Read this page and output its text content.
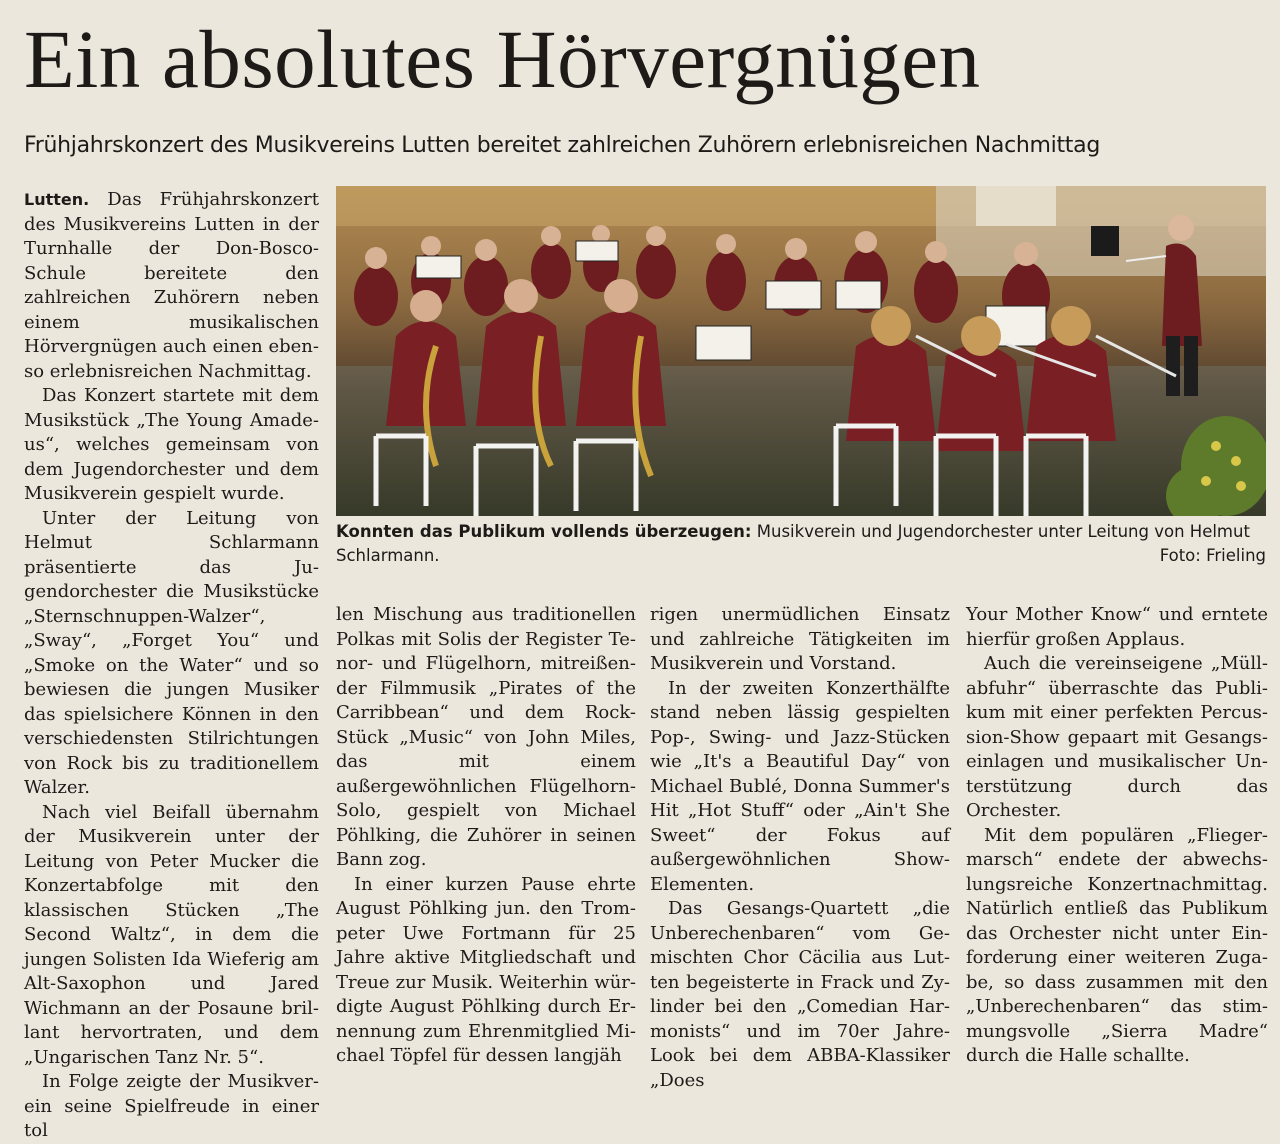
Ein absolutes Hörvergnügen
Frühjahrskonzert des Musikvereins Lutten bereitet zahlreichen Zuhörern erlebnisreichen Nachmittag

Lutten. Das Frühjahrskonzert des Musikvereins Lutten in der Turnhalle der Don-Bosco-Schule bereitete den zahlreichen Zuhörern neben einem musikalischen Hörvergnügen auch einen ebenso erlebnisreichen Nachmittag.

Das Konzert startete mit dem Musikstück „The Young Amadeus“, welches gemeinsam von dem Jugendorchester und dem Musikverein gespielt wurde.

Unter der Leitung von Helmut Schlarmann präsentierte das Jugendorchester die Musikstücke „Sternschnuppen-Walzer“, „Sway“, „Forget You“ und „Smoke on the Water“ und so bewiesen die jungen Musiker das spielsichere Können in den verschiedensten Stilrichtungen von Rock bis zu traditionellem Walzer.

Nach viel Beifall übernahm der Musikverein unter der Leitung von Peter Mucker die Konzertabfolge mit den klassischen Stücken „The Second Waltz“, in dem die jungen Solisten Ida Wieferig am Alt-Saxophon und Jared Wichmann an der Posaune brillant hervortraten, und dem „Ungarischen Tanz Nr. 5“.

In Folge zeigte der Musikverein seine Spielfreude in einer tol

Konnten das Publikum vollends überzeugen: Musikverein und Jugendorchester unter Leitung von Helmut Schlarmann.	Foto: Frieling

len Mischung aus traditionellen Polkas mit Solis der Register Tenor- und Flügelhorn, mitreißender Filmmusik „Pirates of the Carribbean“ und dem Rock-Stück „Music“ von John Miles, das mit einem außergewöhnlichen Flügelhorn-Solo, gespielt von Michael Pöhlking, die Zuhörer in seinen Bann zog.

In einer kurzen Pause ehrte August Pöhlking jun. den Trompeter Uwe Fortmann für 25 Jahre aktive Mitgliedschaft und Treue zur Musik. Weiterhin würdigte August Pöhlking durch Ernennung zum Ehrenmitglied Michael Töpfel für dessen langjäh

rigen unermüdlichen Einsatz und zahlreiche Tätigkeiten im Musikverein und Vorstand.

In der zweiten Konzerthälfte stand neben lässig gespielten Pop-, Swing- und Jazz-Stücken wie „It's a Beautiful Day“ von Michael Bublé, Donna Summer's Hit „Hot Stuff“ oder „Ain't She Sweet“ der Fokus auf außergewöhnlichen Show-Elementen.

Das Gesangs-Quartett „die Unberechenbaren“ vom Gemischten Chor Cäcilia aus Lutten begeisterte in Frack und Zylinder bei den „Comedian Harmonists“ und im 70er Jahre-Look bei dem ABBA-Klassiker „Does

Your Mother Know“ und erntete hierfür großen Applaus.

Auch die vereinseigene „Müllabfuhr“ überraschte das Publikum mit einer perfekten Percussion-Show gepaart mit Gesangseinlagen und musikalischer Unterstützung durch das Orchester.

Mit dem populären „Fliegermarsch“ endete der abwechslungsreiche Konzertnachmittag. Natürlich entließ das Publikum das Orchester nicht unter Einforderung einer weiteren Zugabe, so dass zusammen mit den „Unberechenbaren“ das stimmungsvolle „Sierra Madre“ durch die Halle schallte.
